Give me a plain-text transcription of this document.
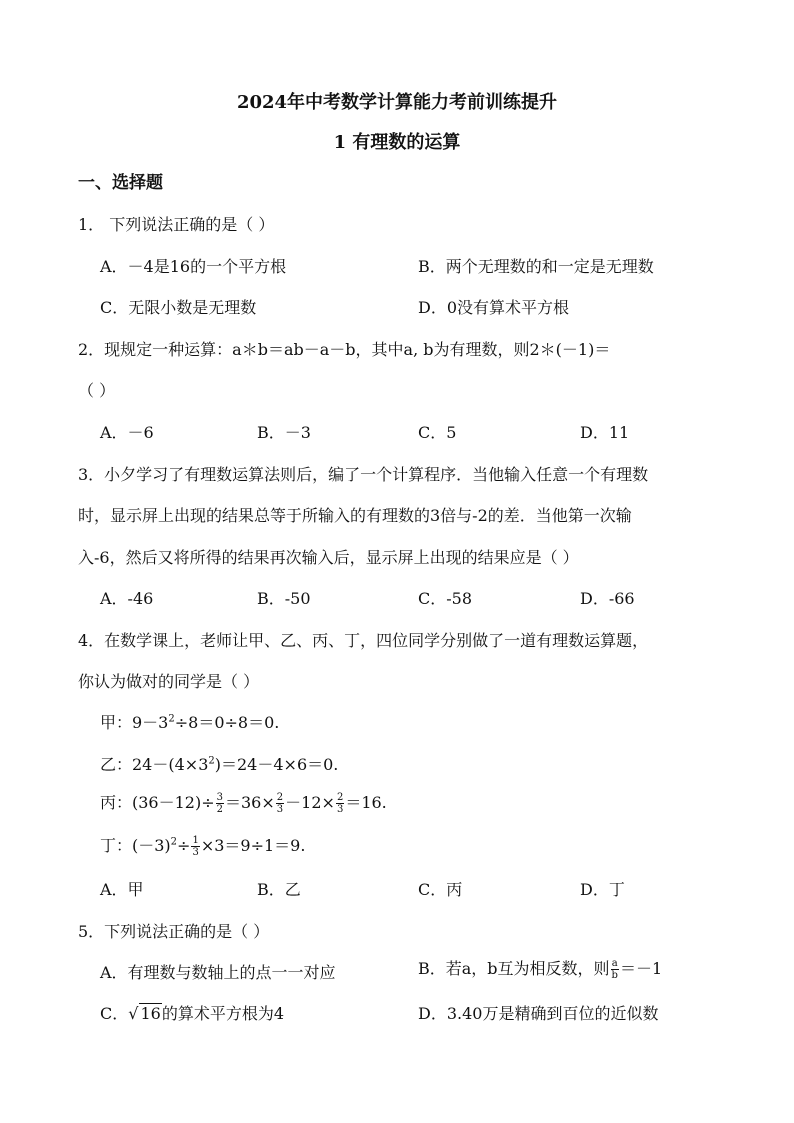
2024年中考数学计算能力考前训练提升
1 有理数的运算
一、选择题
1． 下列说法正确的是（ ）
A．－4是16的一个平方根	B．两个无理数的和一定是无理数
C．无限小数是无理数	D．0没有算术平方根
2．现规定一种运算：a＊b＝ab－a－b，其中a, b为有理数，则2＊(－1)＝
（ ）
A．－6	B．－3	C．5	D．11
3．小夕学习了有理数运算法则后，编了一个计算程序．当他输入任意一个有理数
时，显示屏上出现的结果总等于所输入的有理数的3倍与-2的差．当他第一次输
入-6，然后又将所得的结果再次输入后，显示屏上出现的结果应是（ ）
A．-46	B．-50	C．-58	D．-66
4．在数学课上，老师让甲、乙、丙、丁，四位同学分别做了一道有理数运算题，
你认为做对的同学是（ ）
甲：$9-3^2\div 8=0\div 8=0$.
乙：$24-(4\times 3^2)=24-4\times 6=0$.
丙：$(36-12)\div \frac{3}{2} =36\times \frac{2}{3} -12\times \frac{2}{3} =16$.
丁：$(-3)^2\div \frac{1}{3} \times 3=9\div 1=9$.
A．甲	B．乙	C．丙	D．丁
5．下列说法正确的是（ ）
A．有理数与数轴上的点一一对应	B．若a，b互为相反数，则 $\frac{a}{b} =-1$
C．√ 16的算术平方根为4	D．3.40万是精确到百位的近似数
